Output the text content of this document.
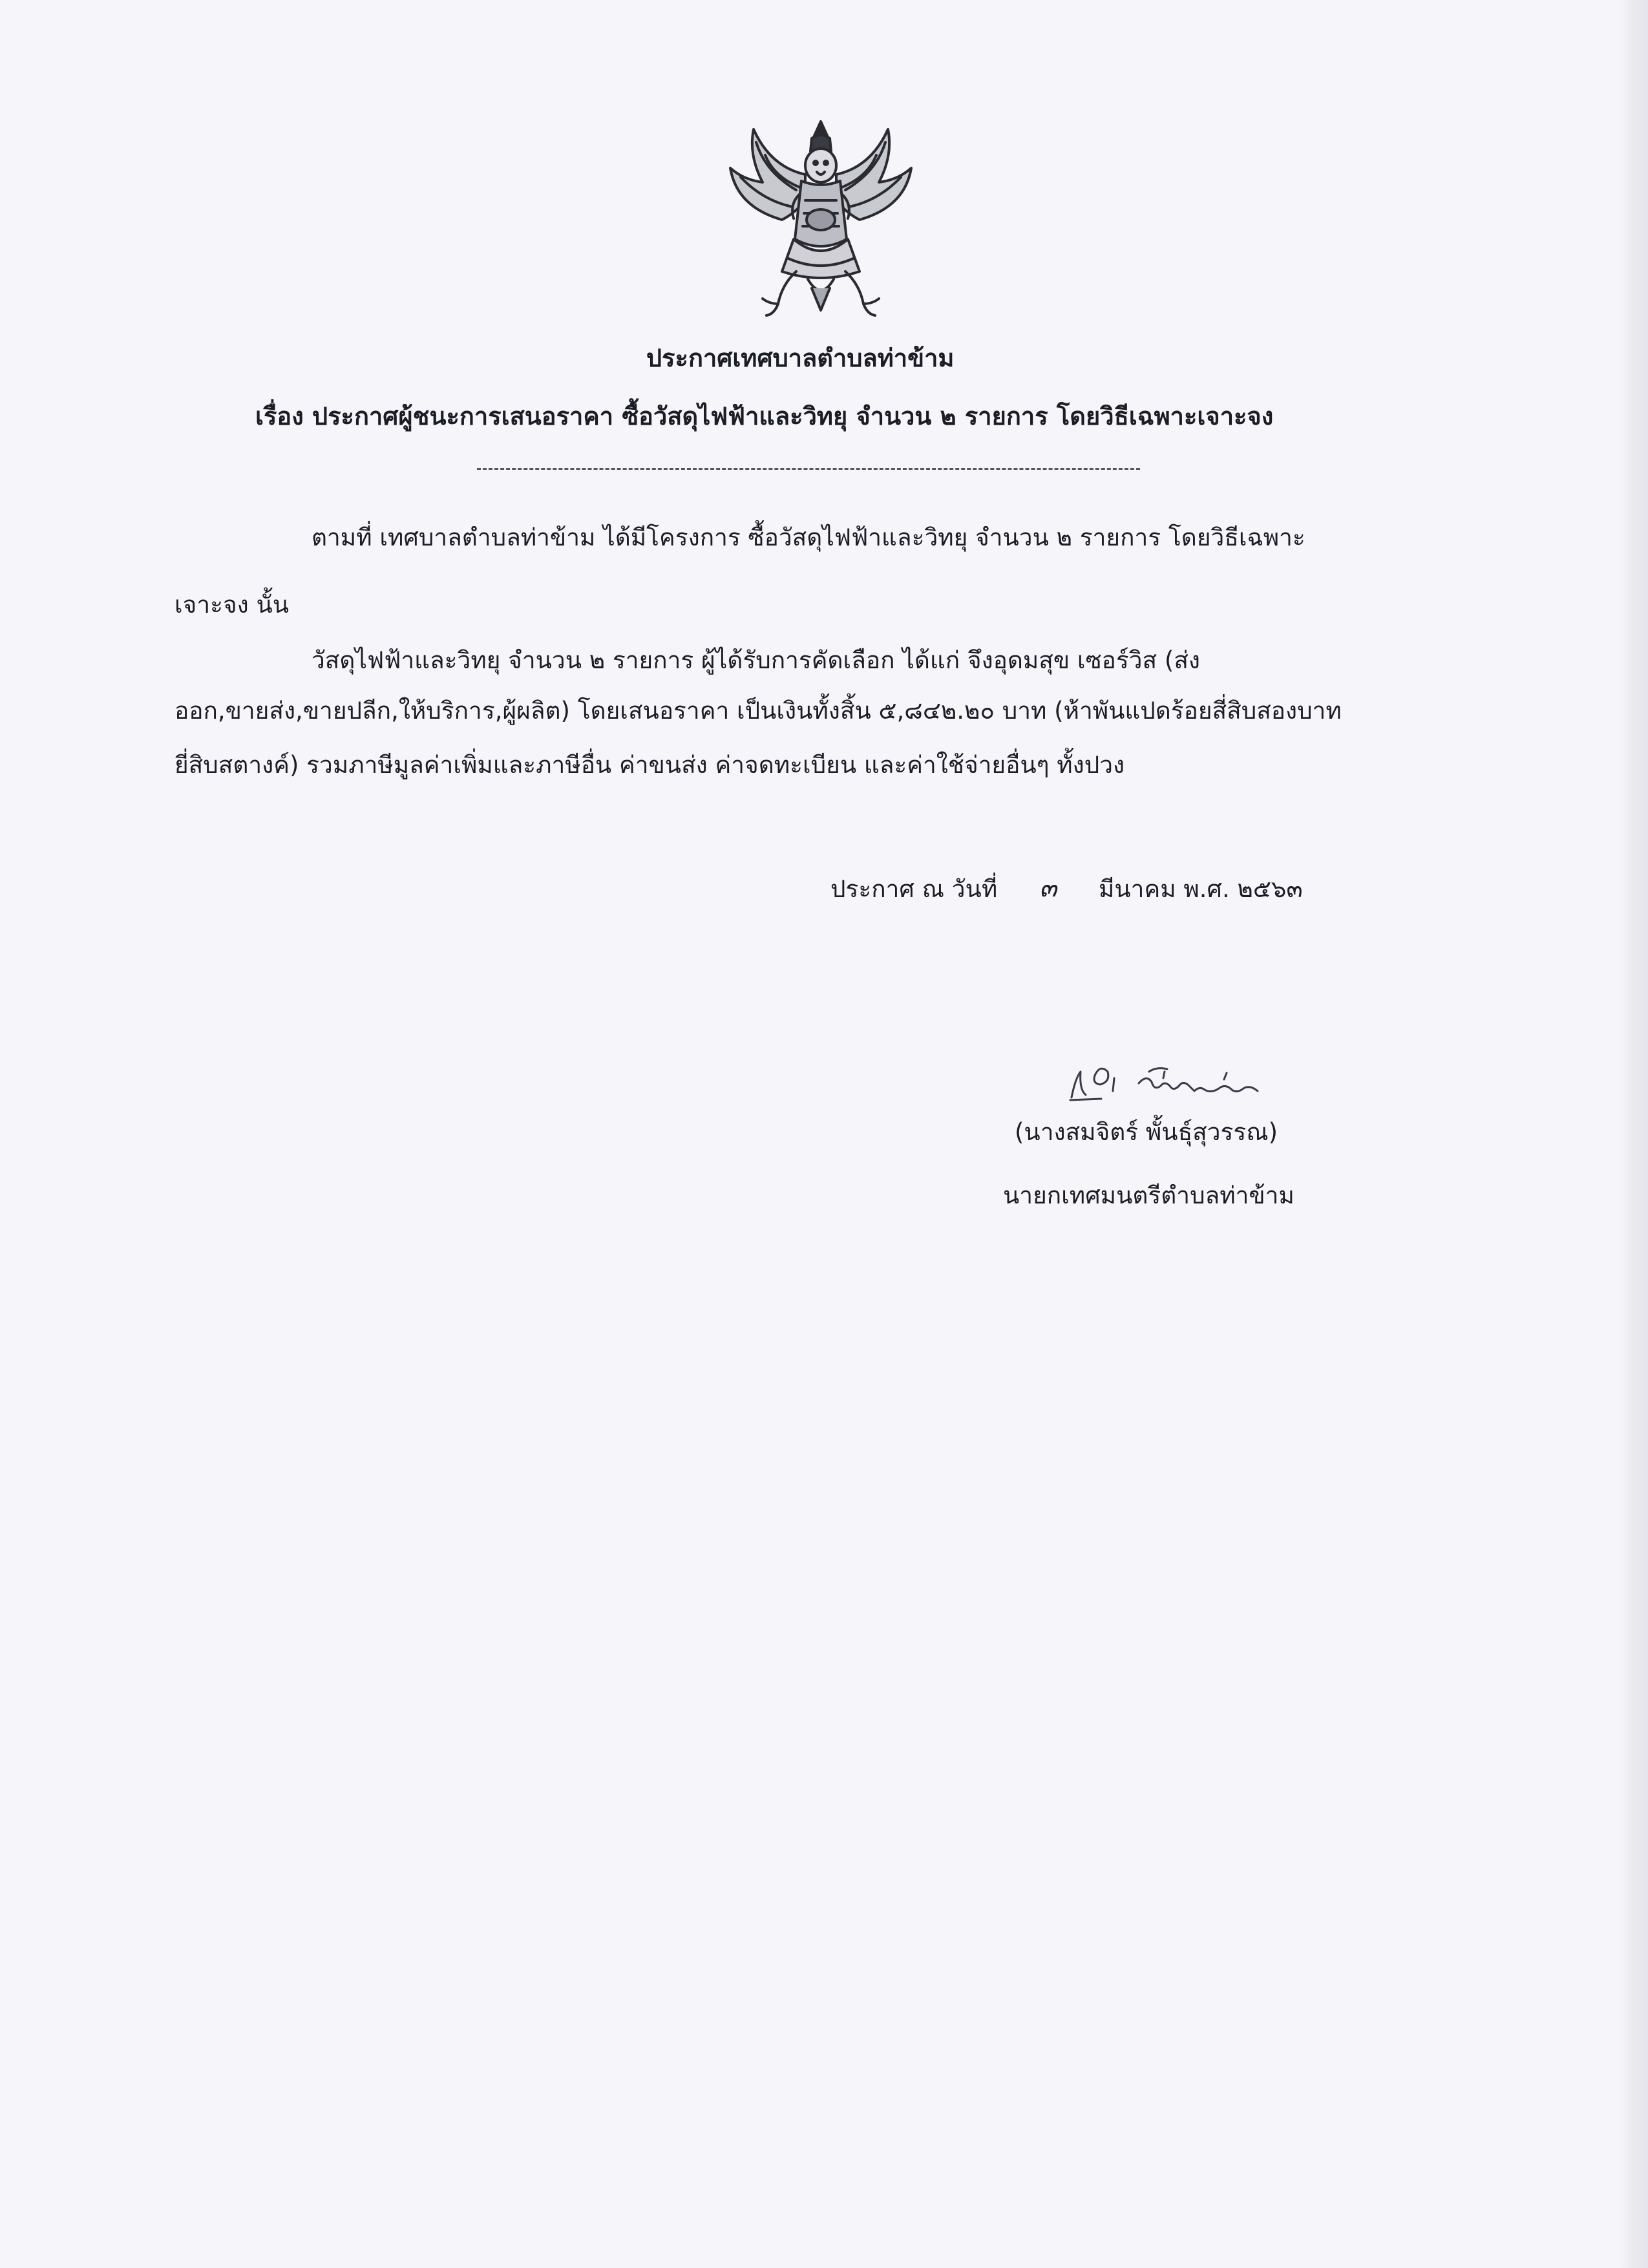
ประกาศเทศบาลตำบลท่าข้าม
เรื่อง ประกาศผู้ชนะการเสนอราคา ซื้อวัสดุไฟฟ้าและวิทยุ จำนวน ๒ รายการ โดยวิธีเฉพาะเจาะจง
ตามที่ เทศบาลตำบลท่าข้าม ได้มีโครงการ ซื้อวัสดุไฟฟ้าและวิทยุ จำนวน ๒ รายการ โดยวิธีเฉพาะ
เจาะจง นั้น
วัสดุไฟฟ้าและวิทยุ จำนวน ๒ รายการ ผู้ได้รับการคัดเลือก ได้แก่ จึงอุดมสุข เซอร์วิส (ส่ง
ออก,ขายส่ง,ขายปลีก,ให้บริการ,ผู้ผลิต) โดยเสนอราคา เป็นเงินทั้งสิ้น ๕,๘๔๒.๒๐ บาท (ห้าพันแปดร้อยสี่สิบสองบาท
ยี่สิบสตางค์) รวมภาษีมูลค่าเพิ่มและภาษีอื่น ค่าขนส่ง ค่าจดทะเบียน และค่าใช้จ่ายอื่นๆ ทั้งปวง
ประกาศ ณ วันที่ ๓ มีนาคม พ.ศ. ๒๕๖๓
(นางสมจิตร์ พั้นธุ์สุวรรณ)
นายกเทศมนตรีตำบลท่าข้าม
